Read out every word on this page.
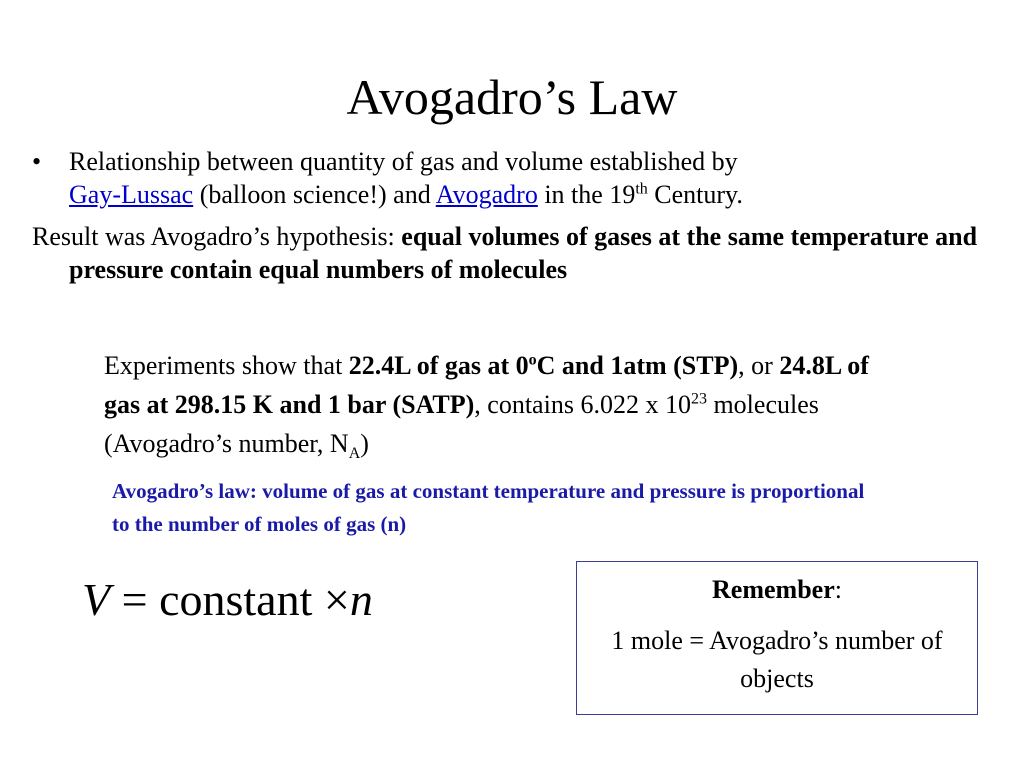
Avogadro’s Law
• Relationship between quantity of gas and volume established by
Gay-Lussac (balloon science!) and Avogadro in the 19th Century.
Result was Avogadro’s hypothesis: equal volumes of gases at the same temperature and pressure contain equal numbers of molecules
Experiments show that 22.4L of gas at 0$^o$C and 1atm (STP), or 24.8L of gas at 298.15 K and 1 bar (SATP), contains 6.022 x $10^{23}$ molecules (Avogadro’s number, $N_A$)
Avogadro’s law: volume of gas at constant temperature and pressure is proportional to the number of moles of gas (n)
V = constant ×n	Remember:
1 mole = Avogadro’s number of objects
